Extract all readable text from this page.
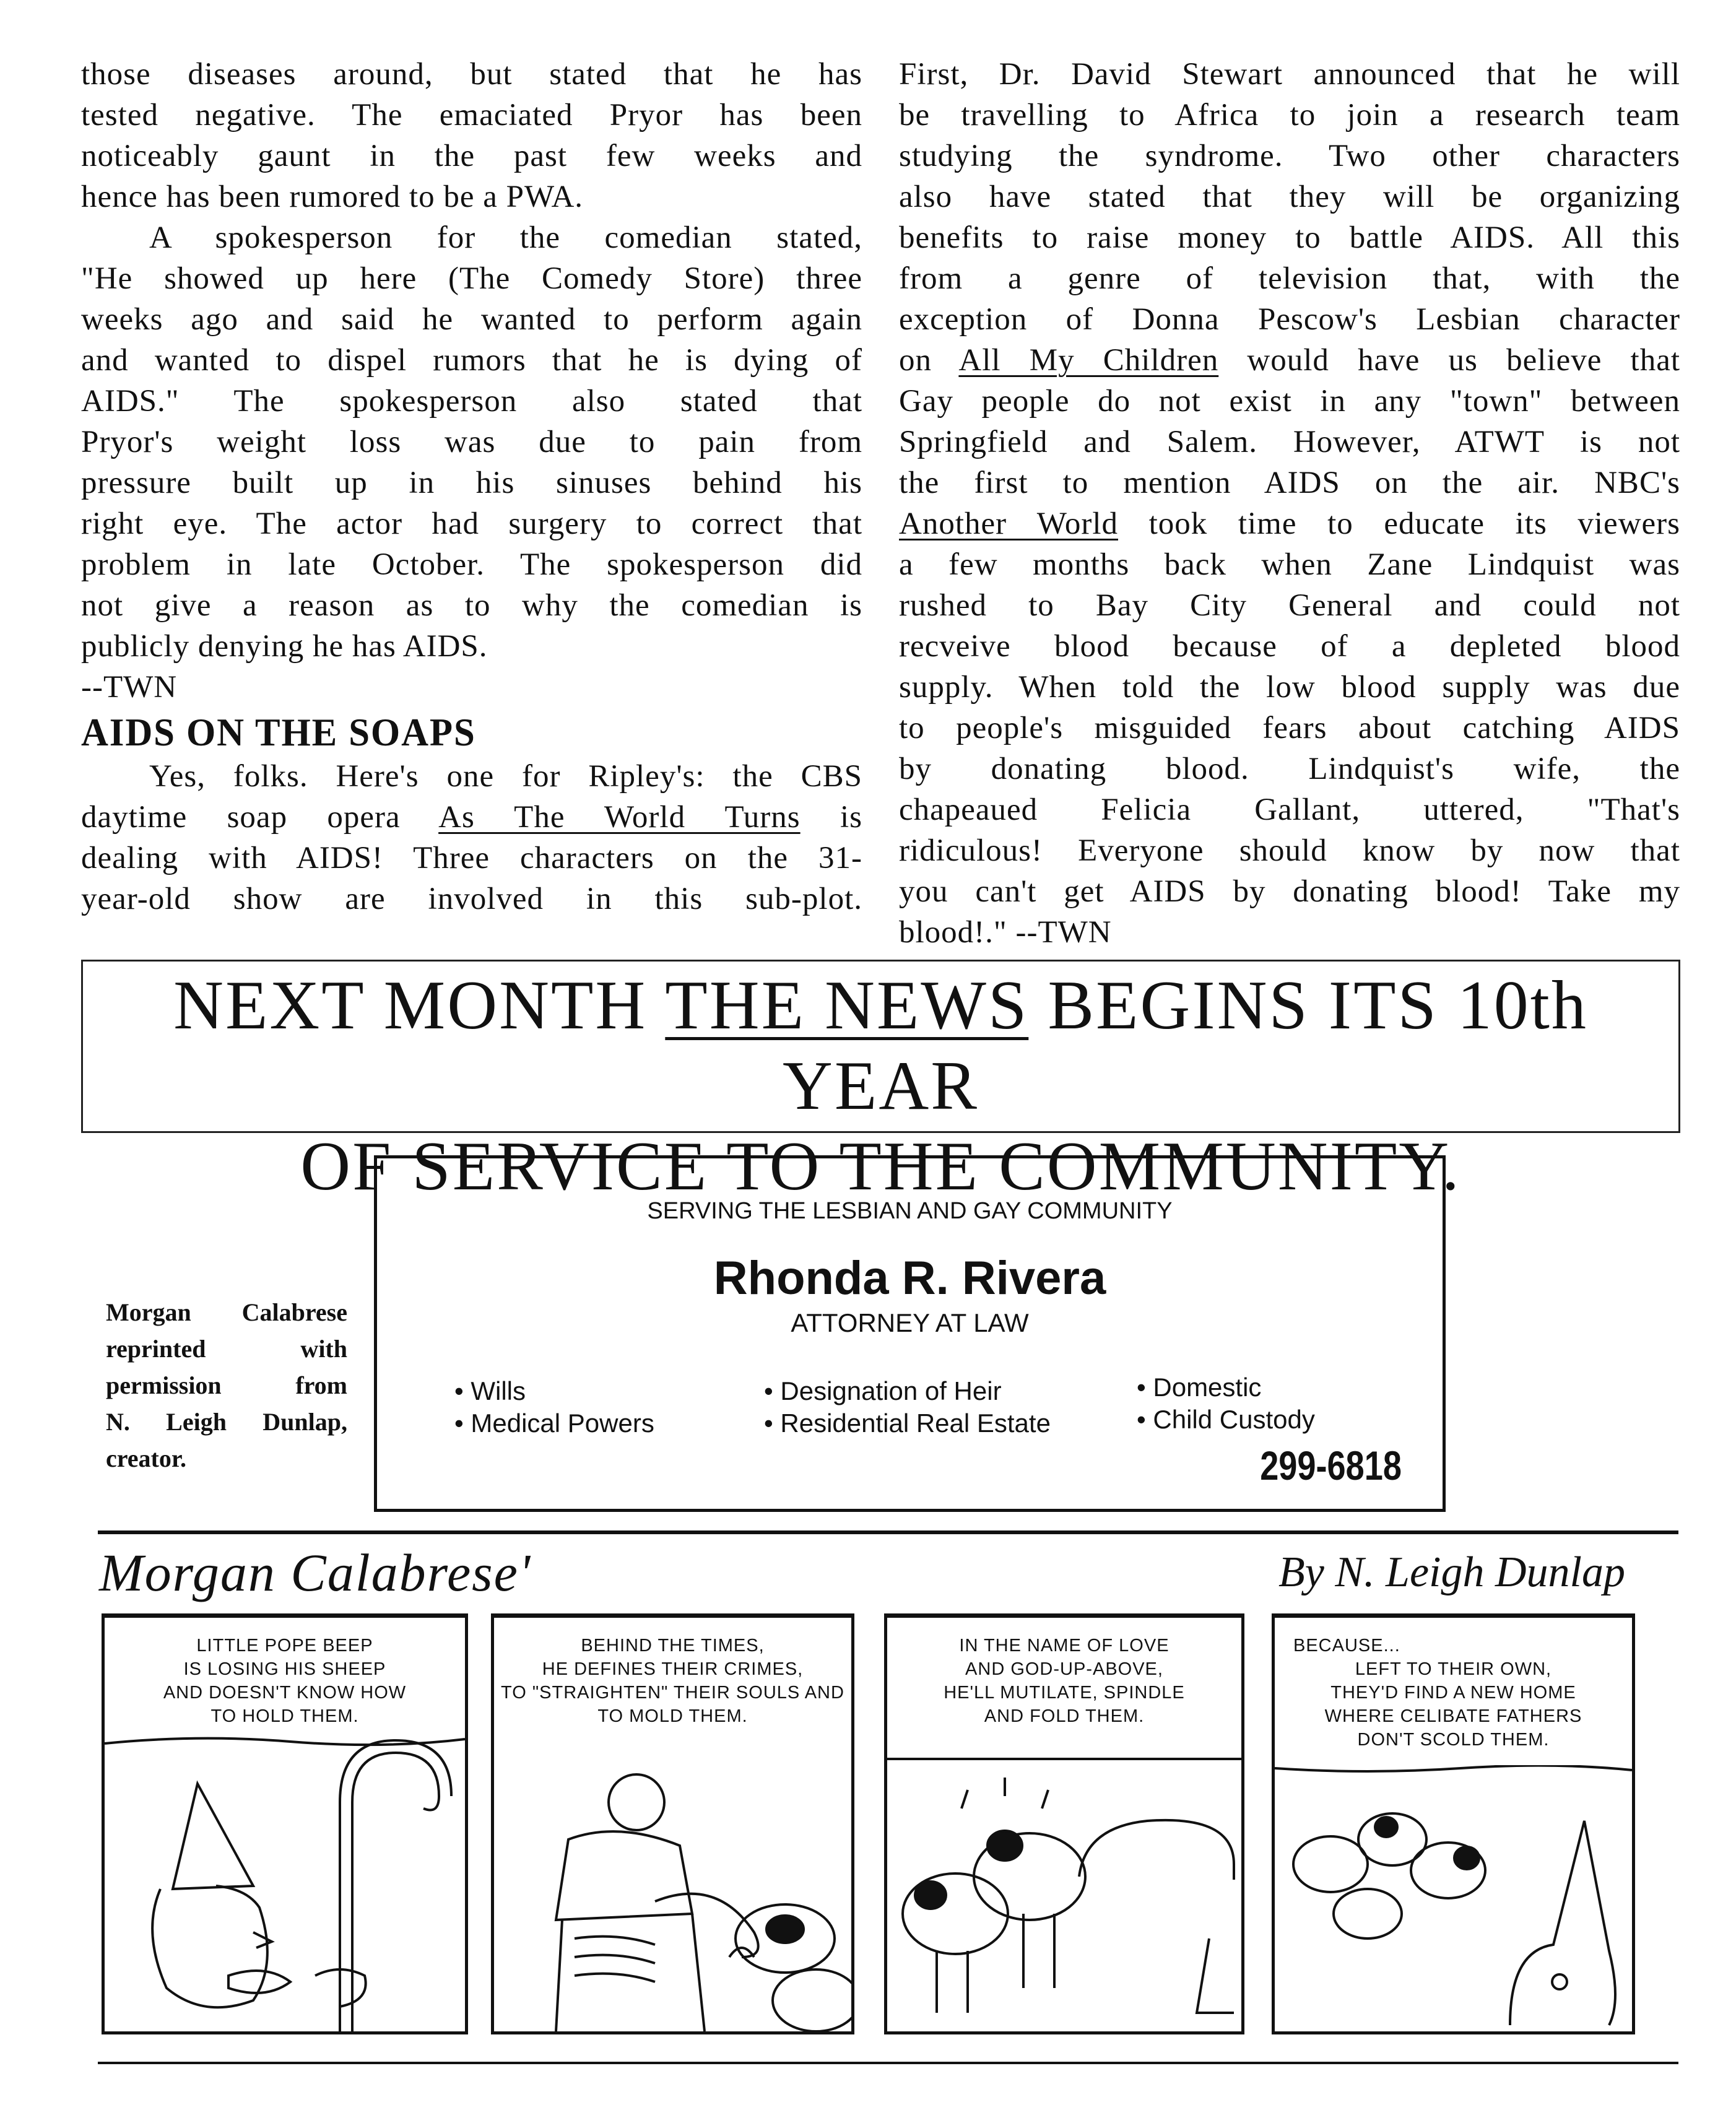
those diseases around, but stated that he has
tested negative. The emaciated Pryor has been
noticeably gaunt in the past few weeks and
hence has been rumored to be a PWA.
A spokesperson for the comedian stated,
"He showed up here (The Comedy Store) three
weeks ago and said he wanted to perform again
and wanted to dispel rumors that he is dying of
AIDS." The spokesperson also stated that
Pryor's weight loss was due to pain from
pressure built up in his sinuses behind his
right eye. The actor had surgery to correct that
problem in late October. The spokesperson did
not give a reason as to why the comedian is
publicly denying he has AIDS.
--TWN
AIDS ON THE SOAPS
Yes, folks. Here's one for Ripley's: the CBS
daytime soap opera As The World Turns is
dealing with AIDS! Three characters on the 31-
year-old show are involved in this sub-plot.
First, Dr. David Stewart announced that he will
be travelling to Africa to join a research team
studying the syndrome. Two other characters
also have stated that they will be organizing
benefits to raise money to battle AIDS. All this
from a genre of television that, with the
exception of Donna Pescow's Lesbian character
on All My Children would have us believe that
Gay people do not exist in any "town" between
Springfield and Salem. However, ATWT is not
the first to mention AIDS on the air. NBC's
Another World took time to educate its viewers
a few months back when Zane Lindquist was
rushed to Bay City General and could not
recveive blood because of a depleted blood
supply. When told the low blood supply was due
to people's misguided fears about catching AIDS
by donating blood. Lindquist's wife, the
chapeaued Felicia Gallant, uttered, "That's
ridiculous! Everyone should know by now that
you can't get AIDS by donating blood! Take my
blood!." --TWN
NEXT MONTH THE NEWS BEGINS ITS 10th YEAR
OF SERVICE TO THE COMMUNITY.
Morgan Calabrese
reprinted with
permission from
N. Leigh Dunlap,
creator.
SERVING THE LESBIAN AND GAY COMMUNITY
Rhonda R. Rivera
ATTORNEY AT LAW
• Wills
• Medical Powers
• Designation of Heir
• Residential Real Estate
• Domestic
• Child Custody
299-6818
Morgan Calabrese'	By N. Leigh Dunlap
LITTLE POPE BEEP
IS LOSING HIS SHEEP
AND DOESN'T KNOW HOW
TO HOLD THEM.
BEHIND THE TIMES,
HE DEFINES THEIR CRIMES,
TO "STRAIGHTEN" THEIR SOULS AND
TO MOLD THEM.
IN THE NAME OF LOVE
AND GOD-UP-ABOVE,
HE'LL MUTILATE, SPINDLE
AND FOLD THEM.
BECAUSE...
LEFT TO THEIR OWN,
THEY'D FIND A NEW HOME
WHERE CELIBATE FATHERS
DON'T SCOLD THEM.
